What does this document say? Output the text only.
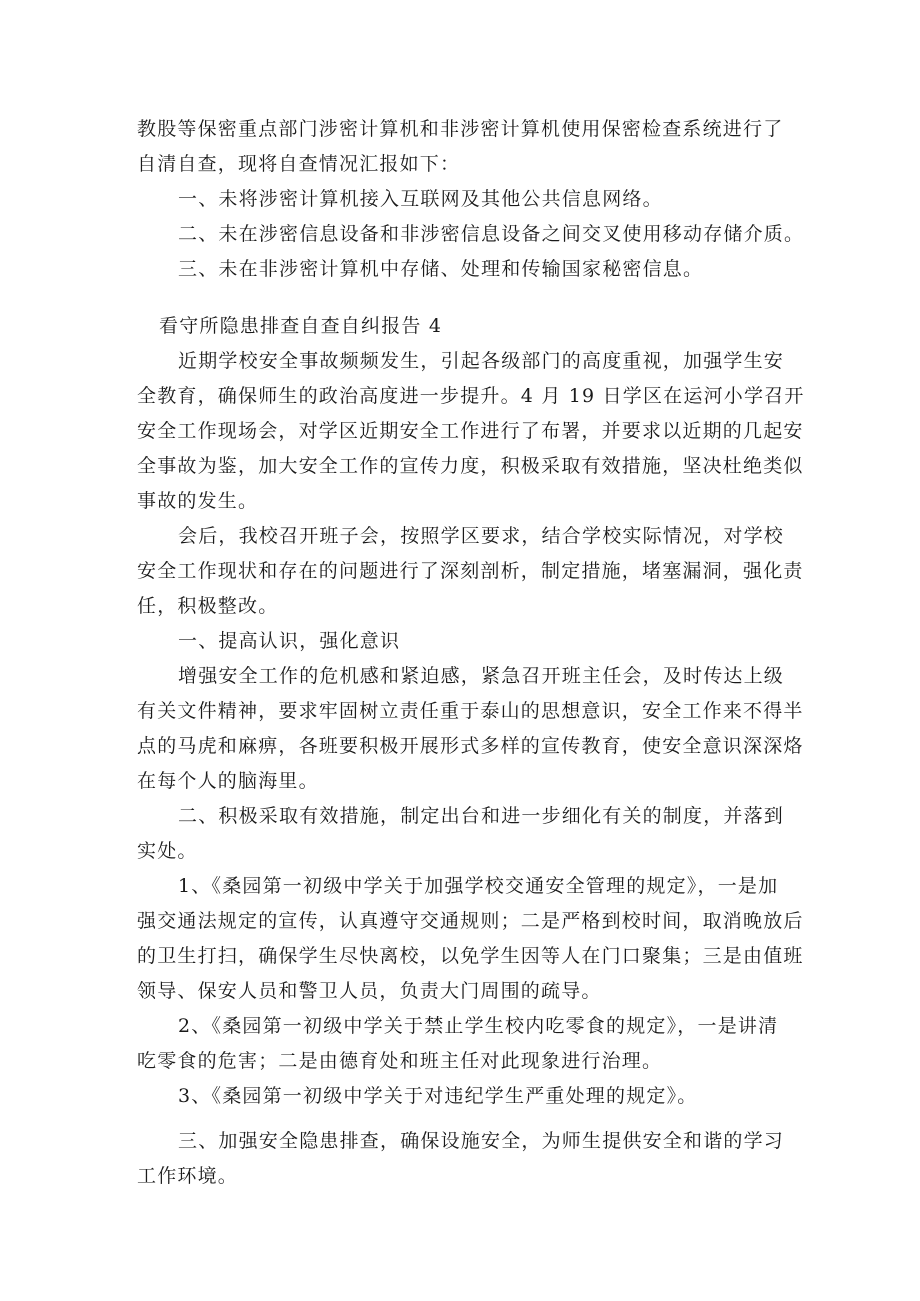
教股等保密重点部门涉密计算机和非涉密计算机使用保密检查系统进行了
自清自查，现将自查情况汇报如下：
一、未将涉密计算机接入互联网及其他公共信息网络。
二、未在涉密信息设备和非涉密信息设备之间交叉使用移动存储介质。
三、未在非涉密计算机中存储、处理和传输国家秘密信息。
看守所隐患排查自查自纠报告 4
近期学校安全事故频频发生，引起各级部门的高度重视，加强学生安
全教育，确保师生的政治高度进一步提升。4 月 19 日学区在运河小学召开
安全工作现场会，对学区近期安全工作进行了布署，并要求以近期的几起安
全事故为鉴，加大安全工作的宣传力度，积极采取有效措施，坚决杜绝类似
事故的发生。
会后，我校召开班子会，按照学区要求，结合学校实际情况，对学校
安全工作现状和存在的问题进行了深刻剖析，制定措施，堵塞漏洞，强化责
任，积极整改。
一、提高认识，强化意识
增强安全工作的危机感和紧迫感，紧急召开班主任会，及时传达上级
有关文件精神，要求牢固树立责任重于泰山的思想意识，安全工作来不得半
点的马虎和麻痹，各班要积极开展形式多样的宣传教育，使安全意识深深烙
在每个人的脑海里。
二、积极采取有效措施，制定出台和进一步细化有关的制度，并落到
实处。
1、《桑园第一初级中学关于加强学校交通安全管理的规定》，一是加
强交通法规定的宣传，认真遵守交通规则；二是严格到校时间，取消晚放后
的卫生打扫，确保学生尽快离校，以免学生因等人在门口聚集；三是由值班
领导、保安人员和警卫人员，负责大门周围的疏导。
2、《桑园第一初级中学关于禁止学生校内吃零食的规定》，一是讲清
吃零食的危害；二是由德育处和班主任对此现象进行治理。
3、《桑园第一初级中学关于对违纪学生严重处理的规定》。
三、加强安全隐患排查，确保设施安全，为师生提供安全和谐的学习
工作环境。
